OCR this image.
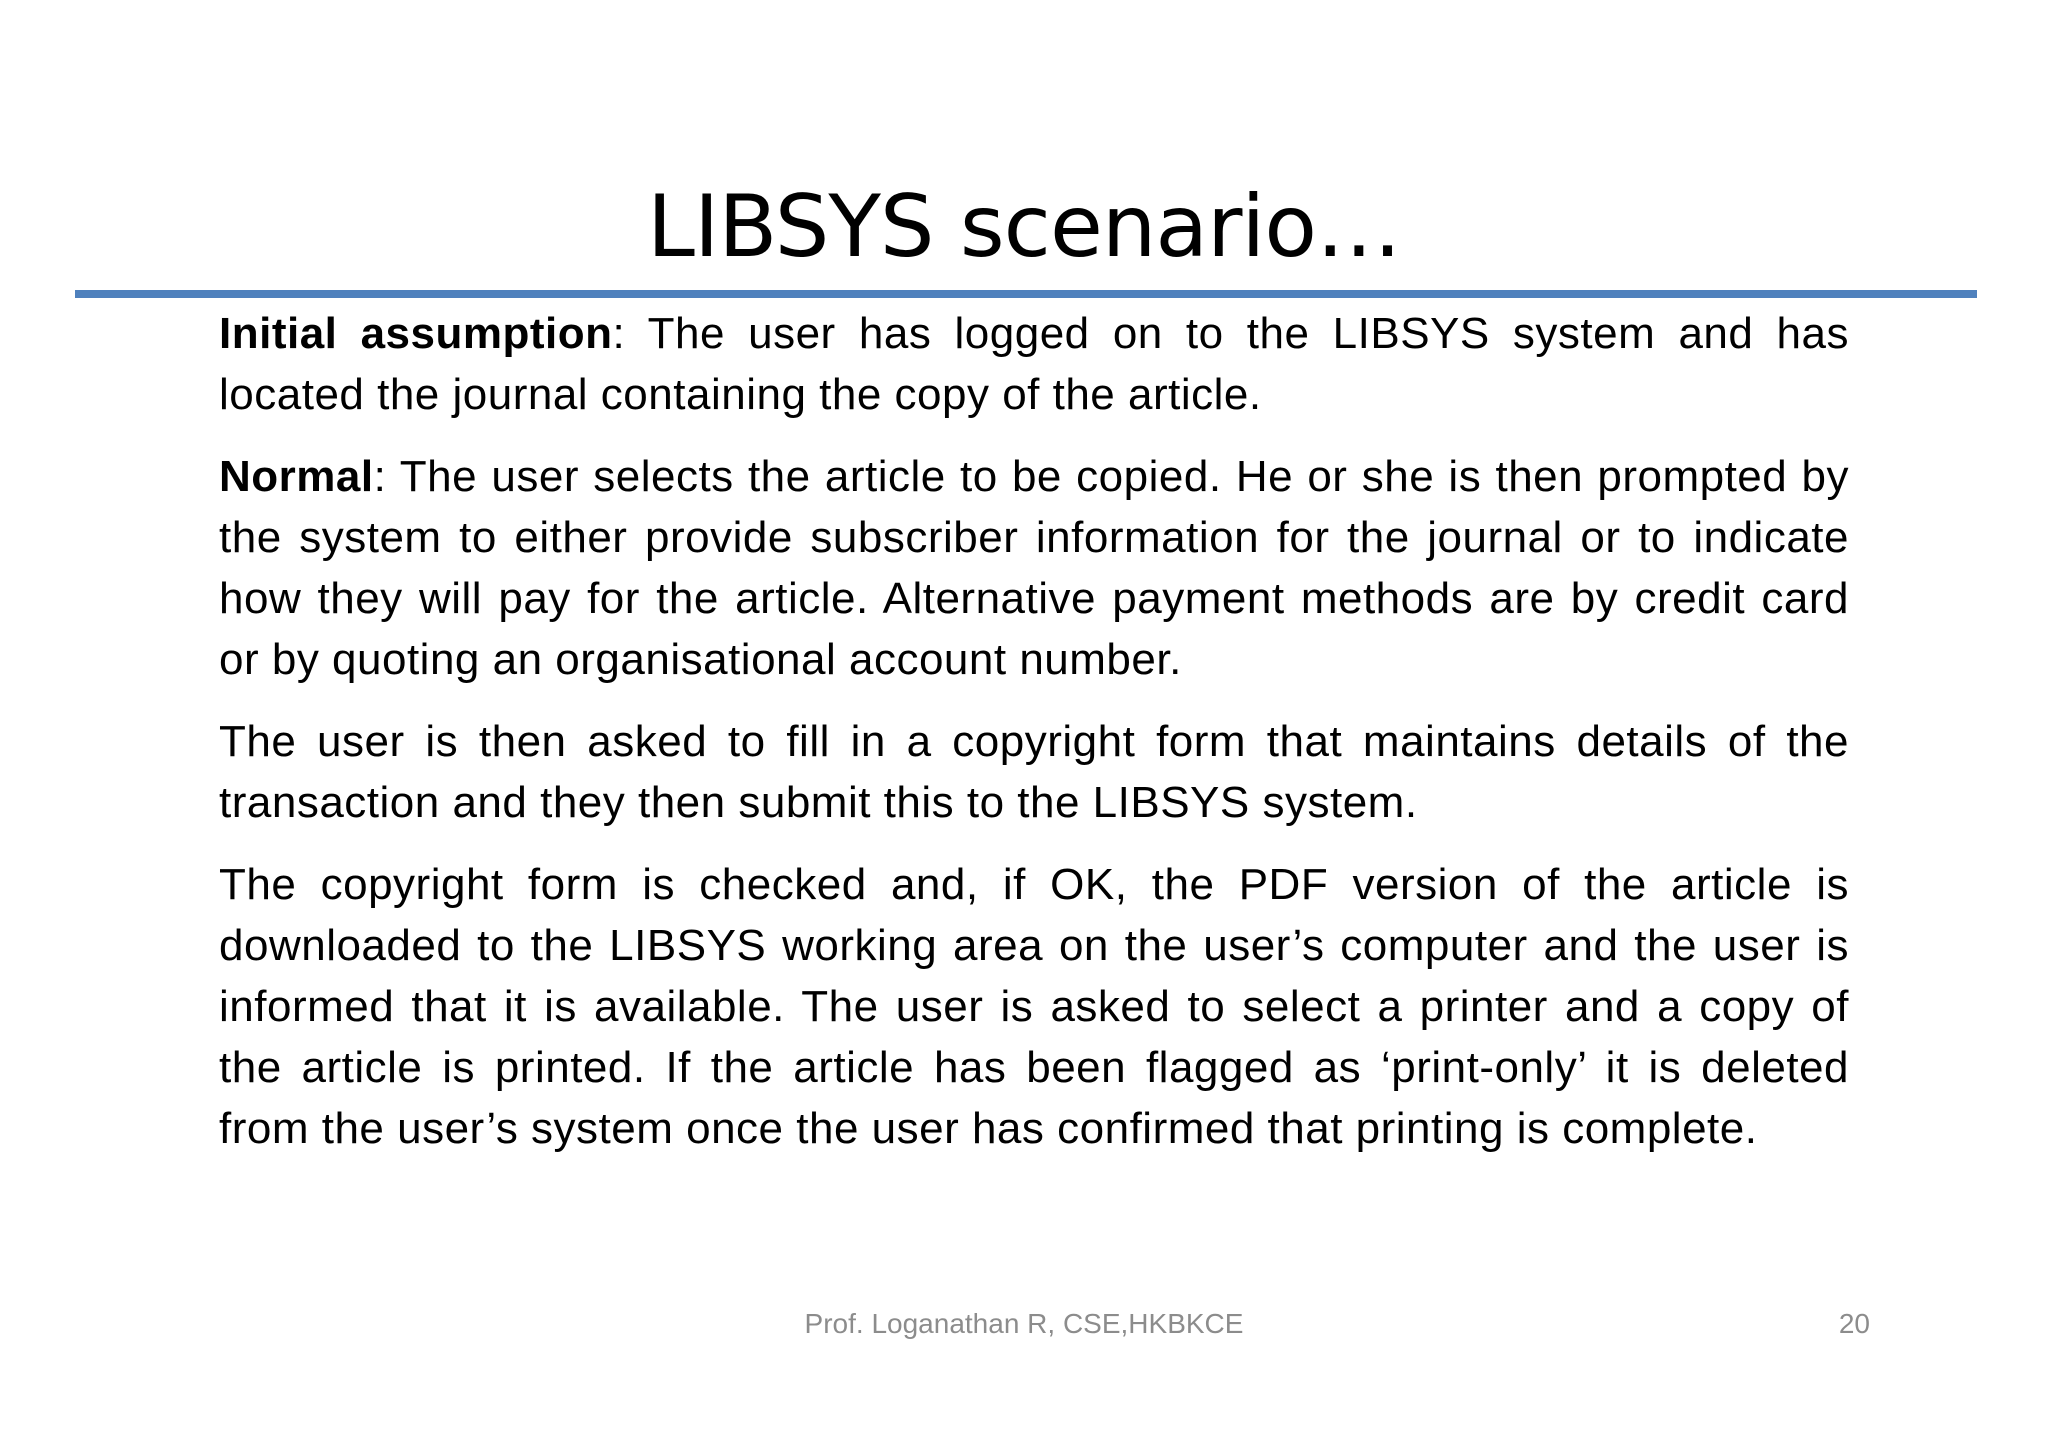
LIBSYS scenario…

Initial assumption: The user has logged on to the LIBSYS system and has located the journal containing the copy of the article.

Normal: The user selects the article to be copied. He or she is then prompted by the system to either provide subscriber information for the journal or to indicate how they will pay for the article. Alternative payment methods are by credit card or by quoting an organisational account number.

The user is then asked to fill in a copyright form that maintains details of the transaction and they then submit this to the LIBSYS system.

The copyright form is checked and, if OK, the PDF version of the article is downloaded to the LIBSYS working area on the user’s computer and the user is informed that it is available. The user is asked to select a printer and a copy of the article is printed. If the article has been flagged as ‘print-only’ it is deleted from the user’s system once the user has confirmed that printing is complete.

Prof. Loganathan R, CSE,HKBKCE	20
